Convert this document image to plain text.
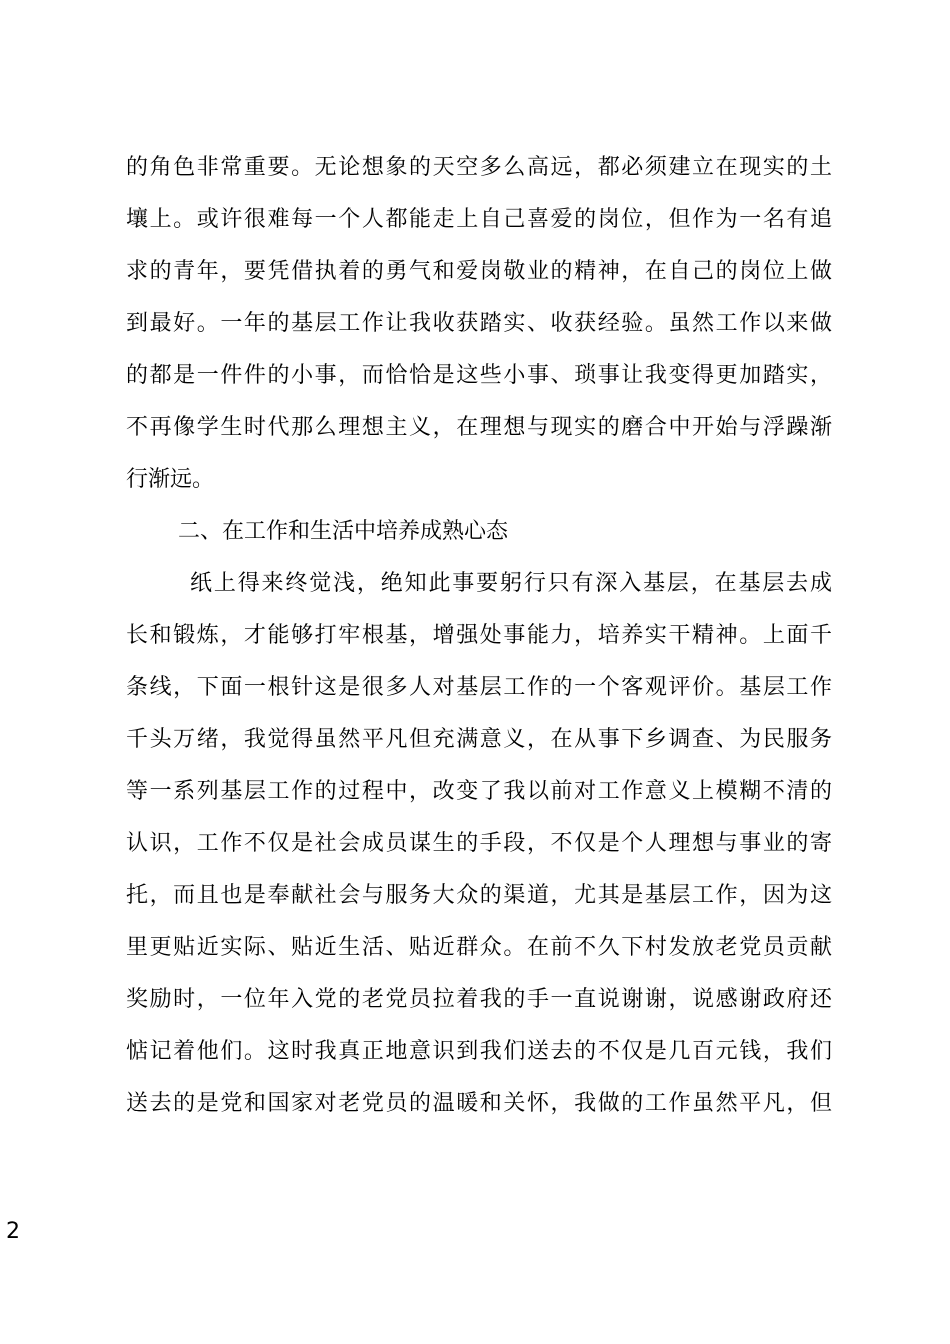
的角色非常重要。无论想象的天空多么高远，都必须建立在现实的土
壤上。或许很难每一个人都能走上自己喜爱的岗位，但作为一名有追
求的青年，要凭借执着的勇气和爱岗敬业的精神，在自己的岗位上做
到最好。一年的基层工作让我收获踏实、收获经验。虽然工作以来做
的都是一件件的小事，而恰恰是这些小事、琐事让我变得更加踏实，
不再像学生时代那么理想主义，在理想与现实的磨合中开始与浮躁渐
行渐远。
二、在工作和生活中培养成熟心态
纸上得来终觉浅，绝知此事要躬行只有深入基层，在基层去成
长和锻炼，才能够打牢根基，增强处事能力，培养实干精神。上面千
条线，下面一根针这是很多人对基层工作的一个客观评价。基层工作
千头万绪，我觉得虽然平凡但充满意义，在从事下乡调查、为民服务
等一系列基层工作的过程中，改变了我以前对工作意义上模糊不清的
认识，工作不仅是社会成员谋生的手段，不仅是个人理想与事业的寄
托，而且也是奉献社会与服务大众的渠道，尤其是基层工作，因为这
里更贴近实际、贴近生活、贴近群众。在前不久下村发放老党员贡献
奖励时，一位年入党的老党员拉着我的手一直说谢谢，说感谢政府还
惦记着他们。这时我真正地意识到我们送去的不仅是几百元钱，我们
送去的是党和国家对老党员的温暖和关怀，我做的工作虽然平凡，但
2
